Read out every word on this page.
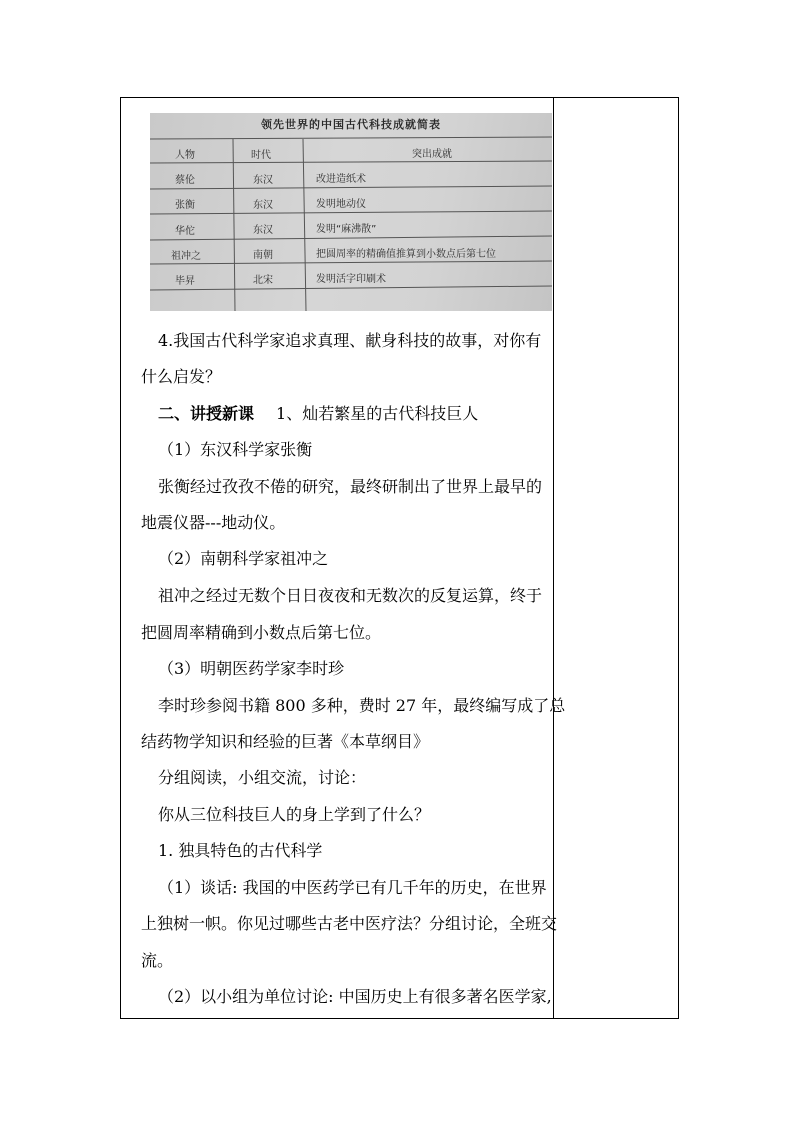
领先世界的中国古代科技成就简表
人物	时代	突出成就
蔡伦	东汉	改进造纸术
张衡	东汉	发明地动仪
华佗	东汉	发明“麻沸散”
祖冲之	南朝	把圆周率的精确值推算到小数点后第七位
毕昇	北宋	发明活字印刷术
4.我国古代科学家追求真理、献身科技的故事，对你有
什么启发？
二、讲授新课 1、灿若繁星的古代科技巨人
（1）东汉科学家张衡
张衡经过孜孜不倦的研究，最终研制出了世界上最早的
地震仪器---地动仪。
（2）南朝科学家祖冲之
祖冲之经过无数个日日夜夜和无数次的反复运算，终于
把圆周率精确到小数点后第七位。
（3）明朝医药学家李时珍
李时珍参阅书籍 800 多种，费时 27 年，最终编写成了总
结药物学知识和经验的巨著《本草纲目》
分组阅读，小组交流，讨论：
你从三位科技巨人的身上学到了什么？
1. 独具特色的古代科学
（1）谈话: 我国的中医药学已有几千年的历史，在世界
上独树一帜。你见过哪些古老中医疗法？分组讨论，全班交
流。
（2）以小组为单位讨论: 中国历史上有很多著名医学家,
